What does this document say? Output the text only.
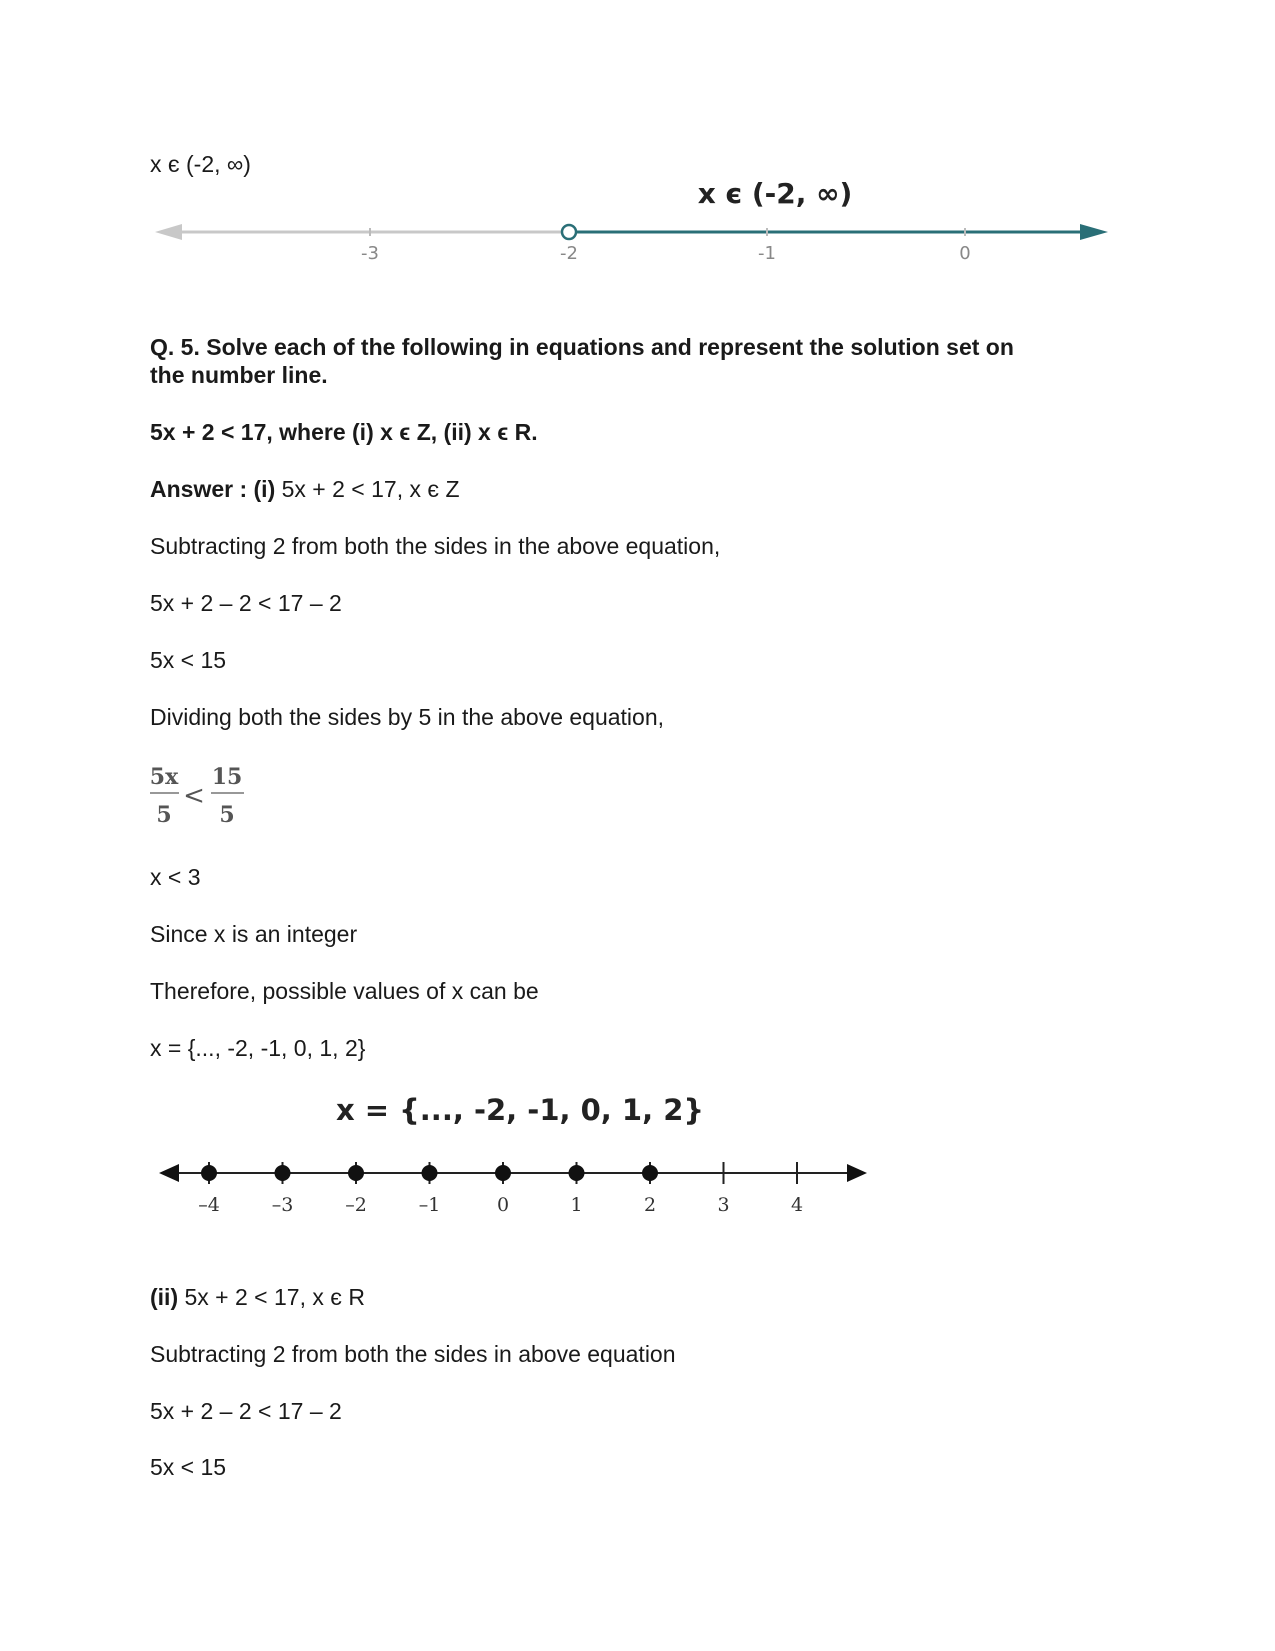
x є (-2, ∞)
x є (-2, ∞)
-3	-2	-1	0
Q. 5. Solve each of the following in equations and represent the solution set on
the number line.
5x + 2 < 17, where (i) x ϵ Z, (ii) x ϵ R.
Answer : (i) 5x + 2 < 17, x є Z
Subtracting 2 from both the sides in the above equation,
5x + 2 – 2 < 17 – 2
5x < 15
Dividing both the sides by 5 in the above equation,
5x
5
<
15
5
x < 3
Since x is an integer
Therefore, possible values of x can be
x = {..., -2, -1, 0, 1, 2}
x = {..., -2, -1, 0, 1, 2}
–4	–3	–2	–1	0	1	2	3	4
(ii) 5x + 2 < 17, x є R
Subtracting 2 from both the sides in above equation
5x + 2 – 2 < 17 – 2
5x < 15
